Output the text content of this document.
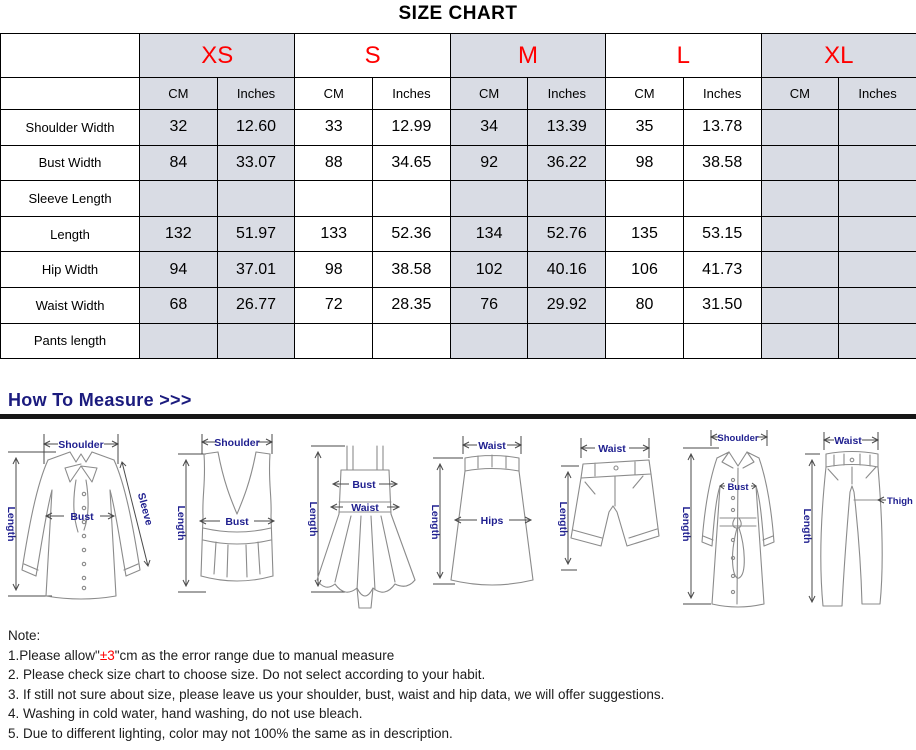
SIZE CHART
	XS		S		M		L		XL	
	CM	Inches	CM	Inches	CM	Inches	CM	Inches	CM	Inches
Shoulder Width	32	12.60	33	12.99	34	13.39	35	13.78		
Bust Width	84	33.07	88	34.65	92	36.22	98	38.58		
Sleeve Length										
Length	132	51.97	133	52.36	134	52.76	135	53.15		
Hip Width	94	37.01	98	38.58	102	40.16	106	41.73		
Waist Width	68	26.77	72	28.35	76	29.92	80	31.50		
Pants length										
How To Measure >>>
Shoulder
Length	Bust	Sleeve
Shoulder
Length	Bust	Length
Bust
Waist
Waist
Length	Hips
Waist
Length
Shoulder
Length
Bust
Waist
Length
Thigh
Note:
1.Please allow"±3"cm as the error range due to manual measure
2. Please check size chart to choose size. Do not select according to your habit.
3. If still not sure about size, please leave us your shoulder, bust, waist and hip data, we will offer suggestions.
4. Washing in cold water, hand washing, do not use bleach.
5. Due to different lighting, color may not 100% the same as in description.
